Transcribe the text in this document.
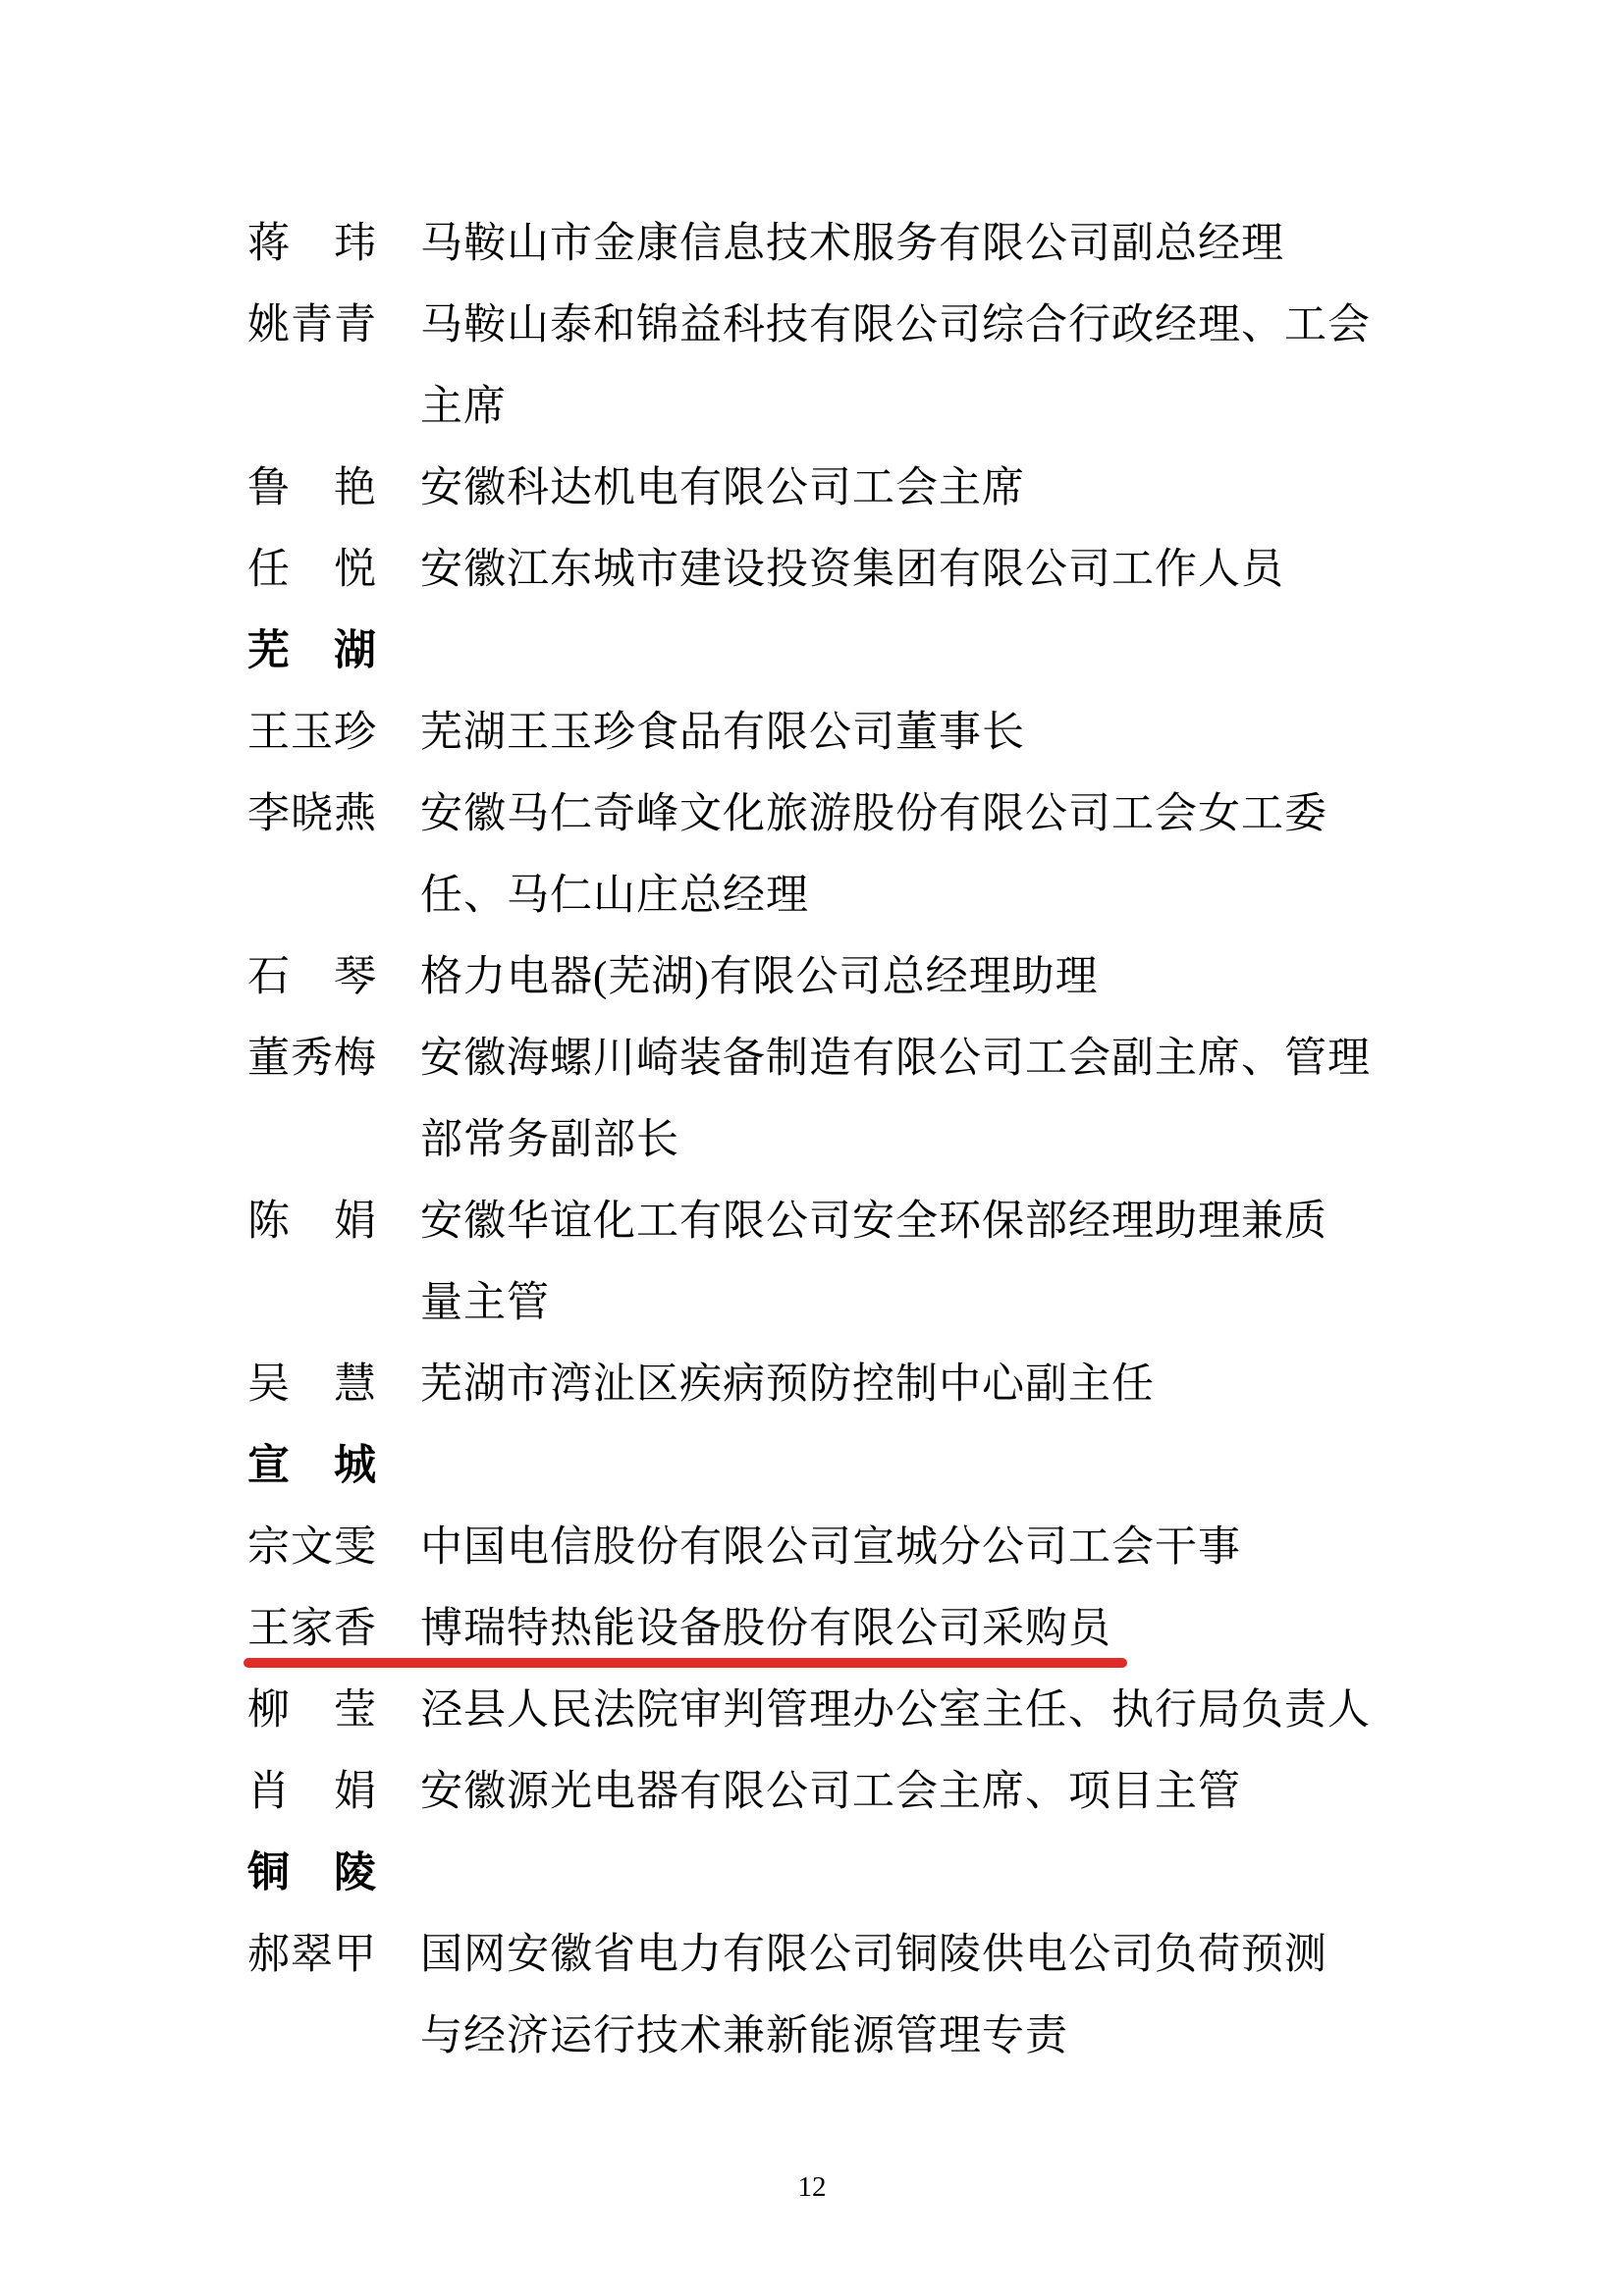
蒋　玮	马鞍山市金康信息技术服务有限公司副总经理
姚青青	马鞍山泰和锦益科技有限公司综合行政经理、工会
主席
鲁　艳	安徽科达机电有限公司工会主席
任　悦	安徽江东城市建设投资集团有限公司工作人员
芜　湖
王玉珍	芜湖王玉珍食品有限公司董事长
李晓燕	安徽马仁奇峰文化旅游股份有限公司工会女工委
任、马仁山庄总经理
石　琴	格力电器(芜湖)有限公司总经理助理
董秀梅	安徽海螺川崎装备制造有限公司工会副主席、管理
部常务副部长
陈　娟	安徽华谊化工有限公司安全环保部经理助理兼质
量主管
吴　慧	芜湖市湾沚区疾病预防控制中心副主任
宣　城
宗文雯	中国电信股份有限公司宣城分公司工会干事
王家香	博瑞特热能设备股份有限公司采购员
柳　莹	泾县人民法院审判管理办公室主任、执行局负责人
肖　娟	安徽源光电器有限公司工会主席、项目主管
铜　陵
郝翠甲	国网安徽省电力有限公司铜陵供电公司负荷预测
与经济运行技术兼新能源管理专责
12
